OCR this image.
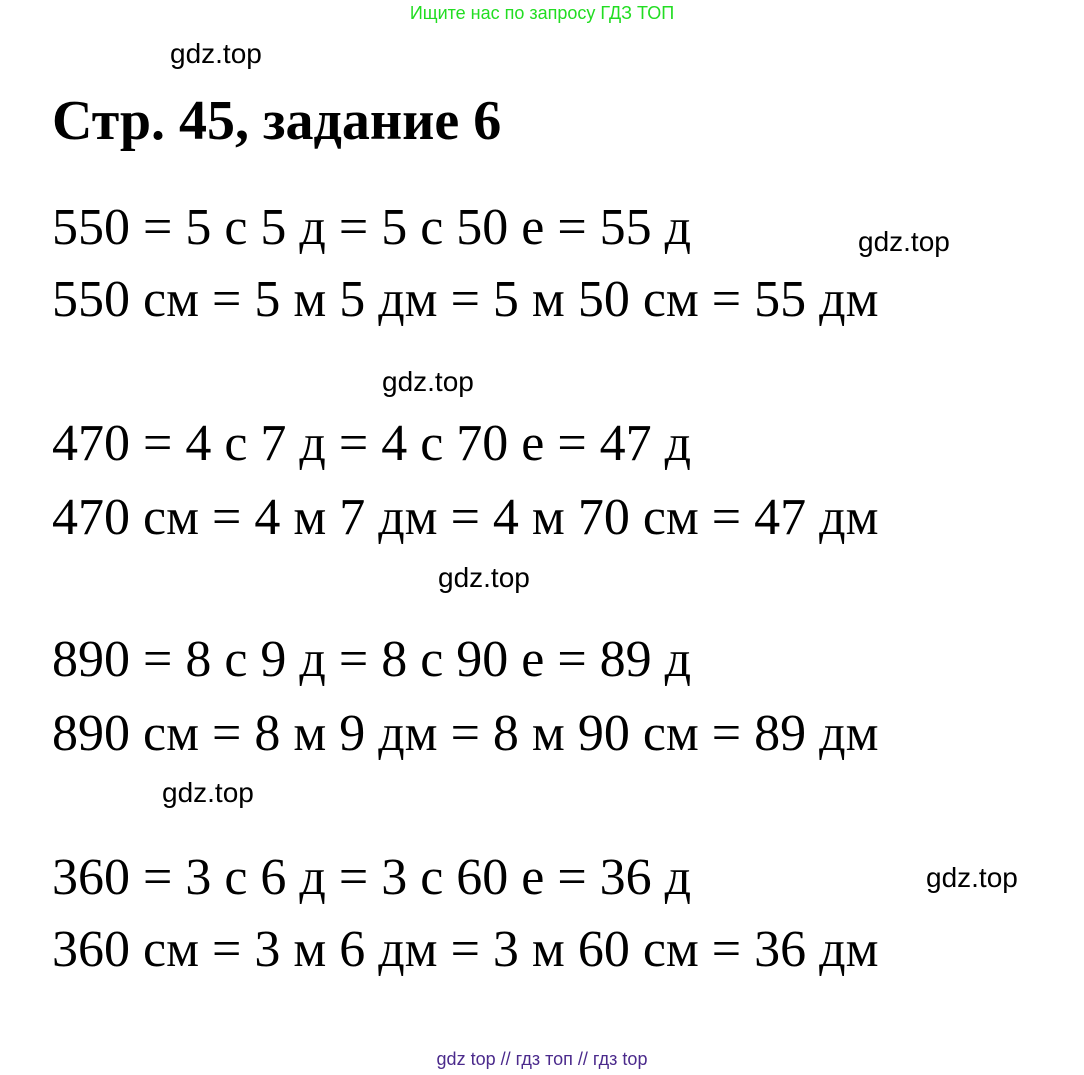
Ищите нас по запросу ГДЗ ТОП
gdz.top
Стр. 45, задание 6
550 = 5 с 5 д = 5 с 50 е = 55 д	gdz.top
550 см = 5 м 5 дм = 5 м 50 см = 55 дм
gdz.top
470 = 4 с 7 д = 4 с 70 е = 47 д
470 см = 4 м 7 дм = 4 м 70 см = 47 дм
gdz.top
890 = 8 с 9 д = 8 с 90 е = 89 д
890 см = 8 м 9 дм = 8 м 90 см = 89 дм
gdz.top
360 = 3 с 6 д = 3 с 60 е = 36 д	gdz.top
360 см = 3 м 6 дм = 3 м 60 см = 36 дм
gdz top // гдз топ // гдз top
